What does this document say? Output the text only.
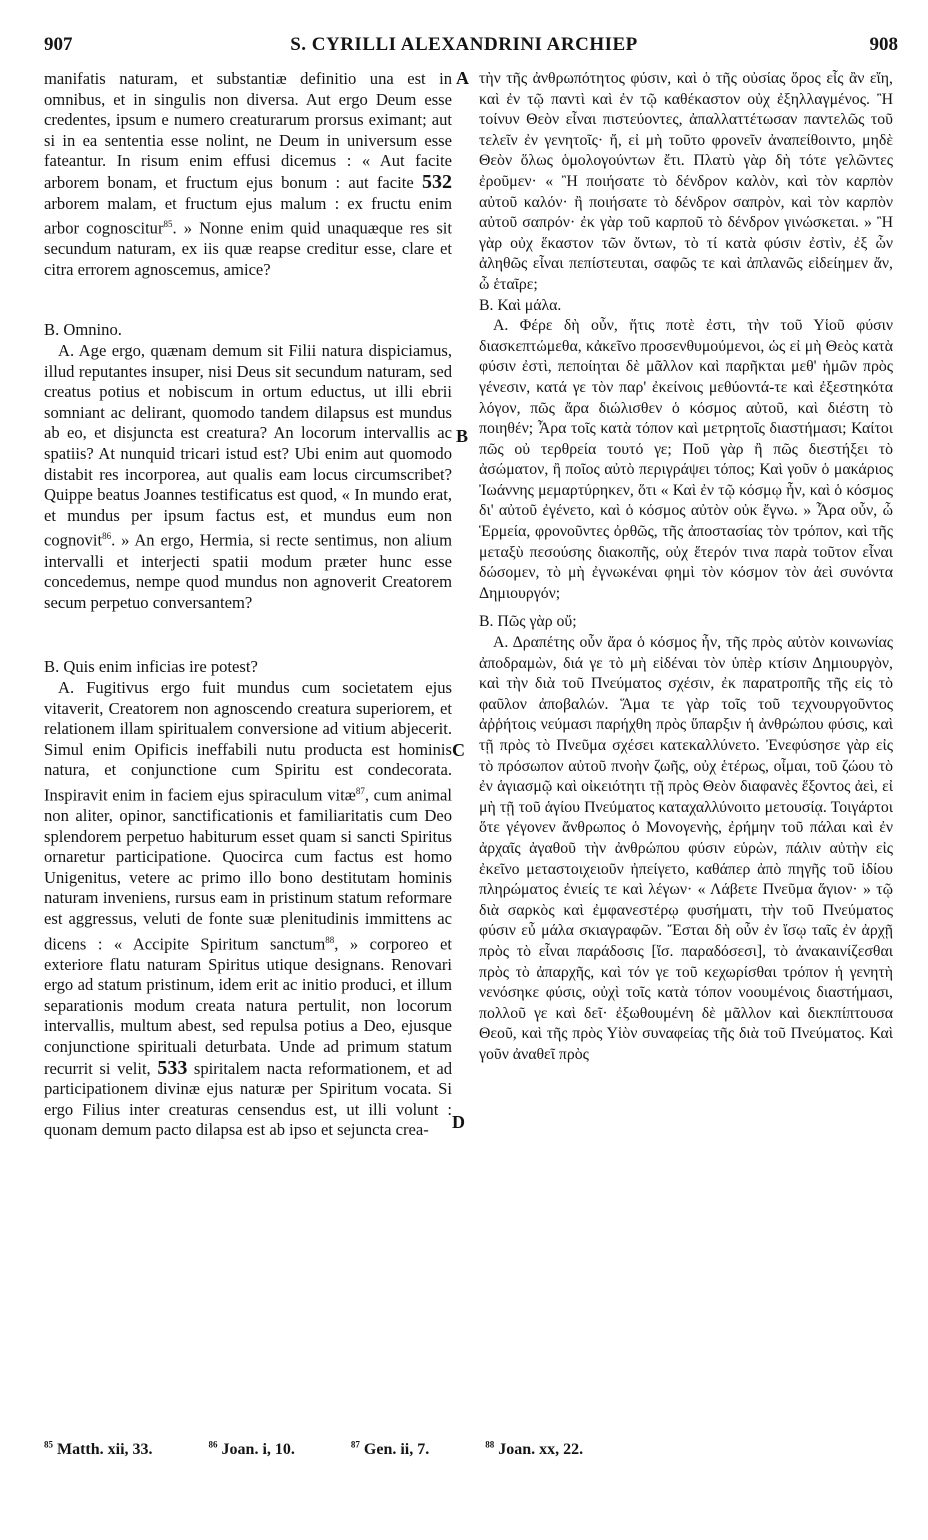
907	S. CYRILLI ALEXANDRINI ARCHIEP	908

manifatis naturam, et substantiæ definitio una est in omnibus, et in singulis non diversa. Aut ergo Deum esse credentes, ipsum e numero creaturarum prorsus eximant; aut si in ea sententia esse nolint, ne Deum in universum esse fateantur. In risum enim effusi dicemus : « Aut facite arborem bonam, et fructum ejus bonum : aut facite 532 arborem malam, et fructum ejus malum : ex fructu enim arbor cognoscitur$^{85}$. » Nonne enim quid unaquæque res sit secundum naturam, ex iis quæ reapse creditur esse, clare et citra errorem agnoscemus, amice?

B. Omnino.

A. Age ergo, quænam demum sit Filii natura dispiciamus, illud reputantes insuper, nisi Deus sit secundum naturam, sed creatus potius et nobiscum in ortum eductus, ut illi ebrii somniant ac delirant, quomodo tandem dilapsus est mundus ab eo, et disjuncta est creatura? An locorum intervallis ac spatiis? At nunquid tricari istud est? Ubi enim aut quomodo distabit res incorporea, aut qualis eam locus circumscribet? Quippe beatus Joannes testificatus est quod, « In mundo erat, et mundus per ipsum factus est, et mundus eum non cognovit$^{86}$. » An ergo, Hermia, si recte sentimus, non alium intervalli et interjecti spatii modum præter hunc esse concedemus, nempe quod mundus non agnoverit Creatorem secum perpetuo conversantem?

B. Quis enim inficias ire potest?

A. Fugitivus ergo fuit mundus cum societatem ejus vitaverit, Creatorem non agnoscendo creatura superiorem, et relationem illam spiritualem conversione ad vitium abjecerit. Simul enim Opificis ineffabili nutu producta est hominis natura, et conjunctione cum Spiritu est condecorata. Inspiravit enim in faciem ejus spiraculum vitæ$^{87}$, cum animal non aliter, opinor, sanctificationis et familiaritatis cum Deo splendorem perpetuo habiturum esset quam si sancti Spiritus ornaretur participatione. Quocirca cum factus est homo Unigenitus, vetere ac primo illo bono destitutam hominis naturam inveniens, rursus eam in pristinum statum reformare est aggressus, veluti de fonte suæ plenitudinis immittens ac dicens : « Accipite Spiritum sanctum$^{88}$, » corporeo et exteriore flatu naturam Spiritus utique designans. Renovari ergo ad statum pristinum, idem erit ac initio produci, et illum separationis modum creata natura pertulit, non locorum intervallis, multum abest, sed repulsa potius a Deo, ejusque conjunctione spirituali deturbata. Unde ad primum statum recurrit si velit, 533 spiritalem nacta reformationem, et ad participationem divinæ ejus naturæ per Spiritum vocata. Si ergo Filius inter creaturas censendus est, ut illi volunt : quonam demum pacto dilapsa est ab ipso et sejuncta crea-

A
B
C
D

τὴν τῆς ἀνθρωπότητος φύσιν, καὶ ὁ τῆς οὐσίας ὅρος εἷς ἂν εἴη, καὶ ἐν τῷ παντὶ καὶ ἐν τῷ καθέκαστον οὐχ ἐξηλλαγμένος. Ἢ τοίνυν Θεὸν εἶναι πιστεύοντες, ἀπαλλαττέτωσαν παντελῶς τοῦ τελεῖν ἐν γενητοῖς· ἤ, εἰ μὴ τοῦτο φρονεῖν ἀναπείθοιντο, μηδὲ Θεὸν ὅλως ὁμολογούντων ἔτι. Πλατὺ γὰρ δὴ τότε γελῶντες ἐροῦμεν· « Ἢ ποιήσατε τὸ δένδρον καλὸν, καὶ τὸν καρπὸν αὐτοῦ καλόν· ἢ ποιήσατε τὸ δένδρον σαπρὸν, καὶ τὸν καρπὸν αὐτοῦ σαπρόν· ἐκ γὰρ τοῦ καρποῦ τὸ δένδρον γινώσκεται. » Ἢ γὰρ οὐχ ἕκαστον τῶν ὄντων, τὸ τί κατὰ φύσιν ἐστὶν, ἐξ ὧν ἀληθῶς εἶναι πεπίστευται, σαφῶς τε καὶ ἀπλανῶς εἰδείημεν ἄν, ὦ ἑταῖρε;

Β. Καὶ μάλα.

Α. Φέρε δὴ οὖν, ἥτις ποτὲ ἐστι, τὴν τοῦ Υἱοῦ φύσιν διασκεπτώμεθα, κἀκεῖνο προσενθυμούμενοι, ὡς εἰ μὴ Θεὸς κατὰ φύσιν ἐστὶ, πεποίηται δὲ μᾶλλον καὶ παρῆκται μεθ' ἡμῶν πρὸς γένεσιν, κατά γε τὸν παρ' ἐκείνοις μεθύοντά-τε καὶ ἐξεστηκότα λόγον, πῶς ἄρα διώλισθεν ὁ κόσμος αὐτοῦ, καὶ διέστη τὸ ποιηθέν; Ἆρα τοῖς κατὰ τόπον καὶ μετρητοῖς διαστήμασι; Καίτοι πῶς οὐ τερθρεία τουτό γε; Ποῦ γὰρ ἢ πῶς διεστήξει τὸ ἀσώματον, ἢ ποῖος αὐτὸ περιγράψει τόπος; Καὶ γοῦν ὁ μακάριος Ἰωάννης μεμαρτύρηκεν, ὅτι « Καὶ ἐν τῷ κόσμῳ ἦν, καὶ ὁ κόσμος δι' αὐτοῦ ἐγένετο, καὶ ὁ κόσμος αὐτὸν οὐκ ἔγνω. » Ἆρα οὖν, ὦ Ἑρμεία, φρονοῦντες ὀρθῶς, τῆς ἀποστασίας τὸν τρόπον, καὶ τῆς μεταξὺ πεσούσης διακοπῆς, οὐχ ἕτερόν τινα παρὰ τοῦτον εἶναι δώσομεν, τὸ μὴ ἐγνωκέναι φημὶ τὸν κόσμον τὸν ἀεὶ συνόντα Δημιουργόν;

Β. Πῶς γὰρ οὔ;

Α. Δραπέτης οὖν ἄρα ὁ κόσμος ἦν, τῆς πρὸς αὐτὸν κοινωνίας ἀποδραμὼν, διά γε τὸ μὴ εἰδέναι τὸν ὑπὲρ κτίσιν Δημιουργὸν, καὶ τὴν διὰ τοῦ Πνεύματος σχέσιν, ἐκ παρατροπῆς τῆς εἰς τὸ φαῦλον ἀποβαλών. Ἅμα τε γὰρ τοῖς τοῦ τεχνουργοῦντος ἀῤῥήτοις νεύμασι παρήχθη πρὸς ὕπαρξιν ἡ ἀνθρώπου φύσις, καὶ τῇ πρὸς τὸ Πνεῦμα σχέσει κατεκαλλύνετο. Ἐνεφύσησε γὰρ εἰς τὸ πρόσωπον αὐτοῦ πνοὴν ζωῆς, οὐχ ἑτέρως, οἶμαι, τοῦ ζώου τὸ ἐν ἁγιασμῷ καὶ οἰκειότητι τῇ πρὸς Θεὸν διαφανὲς ἕξοντος ἀεὶ, εἰ μὴ τῇ τοῦ ἁγίου Πνεύματος καταχαλλύνοιτο μετουσίᾳ. Τοιγάρτοι ὅτε γέγονεν ἄνθρωπος ὁ Μονογενὴς, ἐρήμην τοῦ πάλαι καὶ ἐν ἀρχαῖς ἀγαθοῦ τὴν ἀνθρώπου φύσιν εὑρὼν, πάλιν αὐτὴν εἰς ἐκεῖνο μεταστοιχειοῦν ἠπείγετο, καθάπερ ἀπὸ πηγῆς τοῦ ἰδίου πληρώματος ἐνιείς τε καὶ λέγων· « Λάβετε Πνεῦμα ἅγιον· » τῷ διὰ σαρκὸς καὶ ἐμφανεστέρῳ φυσήματι, τὴν τοῦ Πνεύματος φύσιν εὖ μάλα σκιαγραφῶν. Ἔσται δὴ οὖν ἐν ἴσῳ ταῖς ἐν ἀρχῇ πρὸς τὸ εἶναι παράδοσις [ἴσ. παραδόσεσι], τὸ ἀνακαινίζεσθαι πρὸς τὸ ἀπαρχῆς, καὶ τόν γε τοῦ κεχωρίσθαι τρόπον ἡ γενητὴ νενόσηκε φύσις, οὐχὶ τοῖς κατὰ τόπον νοουμένοις διαστήμασι, πολλοῦ γε καὶ δεῖ· ἐξωθουμένη δὲ μᾶλλον καὶ διεκπίπτουσα Θεοῦ, καὶ τῆς πρὸς Υἱὸν συναφείας τῆς διὰ τοῦ Πνεύματος. Καὶ γοῦν ἀναθεῖ πρὸς

$^{85}$ Matth. xii, 33.	$^{86}$ Joan. i, 10.	$^{87}$ Gen. ii, 7.	$^{88}$ Joan. xx, 22.
